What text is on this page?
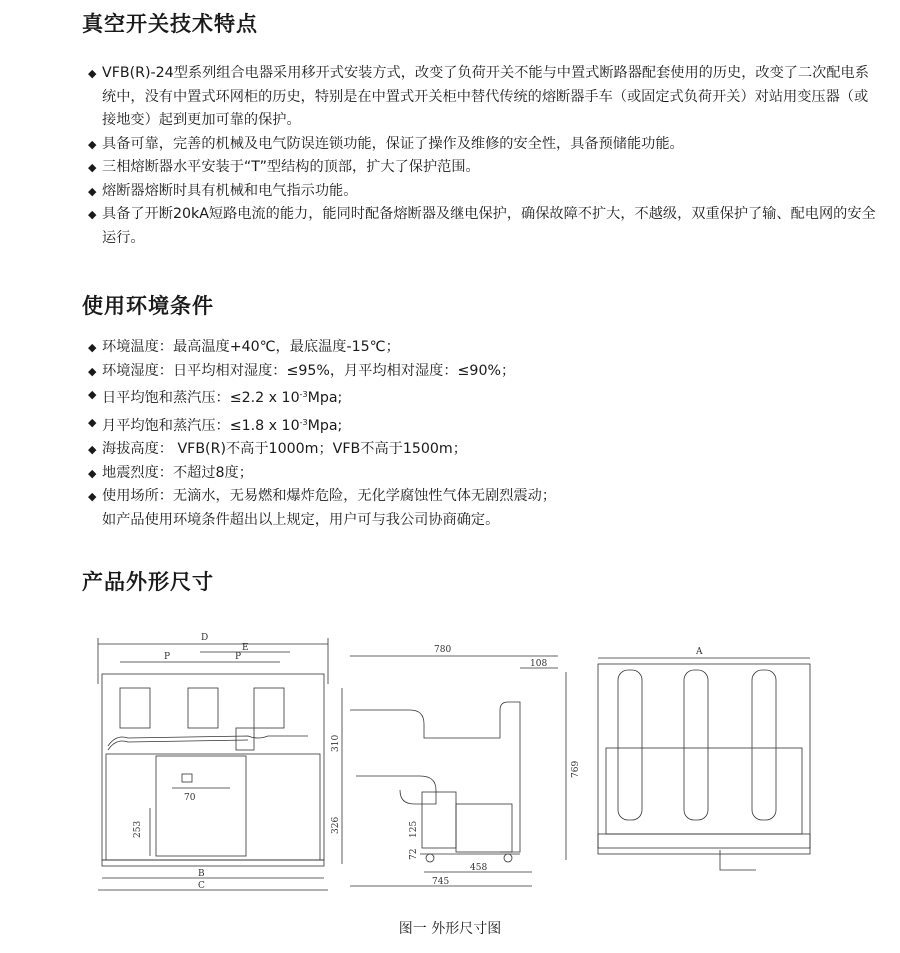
真空开关技术特点
◆ VFB(R)-24型系列组合电器采用移开式安装方式，改变了负荷开关不能与中置式断路器配套使用的历史，改变了二次配电系统中，没有中置式环网柜的历史，特别是在中置式开关柜中替代传统的熔断器手车（或固定式负荷开关）对站用变压器（或接地变）起到更加可靠的保护。
◆ 具备可靠，完善的机械及电气防误连锁功能，保证了操作及维修的安全性，具备预储能功能。
◆ 三相熔断器水平安装于“T”型结构的顶部，扩大了保护范围。
◆ 熔断器熔断时具有机械和电气指示功能。
◆ 具备了开断20kA短路电流的能力，能同时配备熔断器及继电保护，确保故障不扩大，不越级，双重保护了输、配电网的安全运行。
使用环境条件
◆ 环境温度：最高温度+40℃，最底温度-15℃；
◆ 环境湿度：日平均相对湿度：≤95%，月平均相对湿度：≤90%；
◆ 日平均饱和蒸汽压：≤2.2 x $10^{-3}Mpa$;
◆ 月平均饱和蒸汽压：≤1.8 x $10^{-3}Mpa$;
◆ 海拔高度： VFB(R)不高于1000m；VFB不高于1500m；
◆ 地震烈度：不超过8度；
◆ 使用场所：无滴水，无易燃和爆炸危险，无化学腐蚀性气体无剧烈震动；
如产品使用环境条件超出以上规定，用户可与我公司协商确定。
产品外形尺寸
D
P	P
E
70
253
B
C
780
108
310
326
769
125
72
458
745
A
图一 外形尺寸图
